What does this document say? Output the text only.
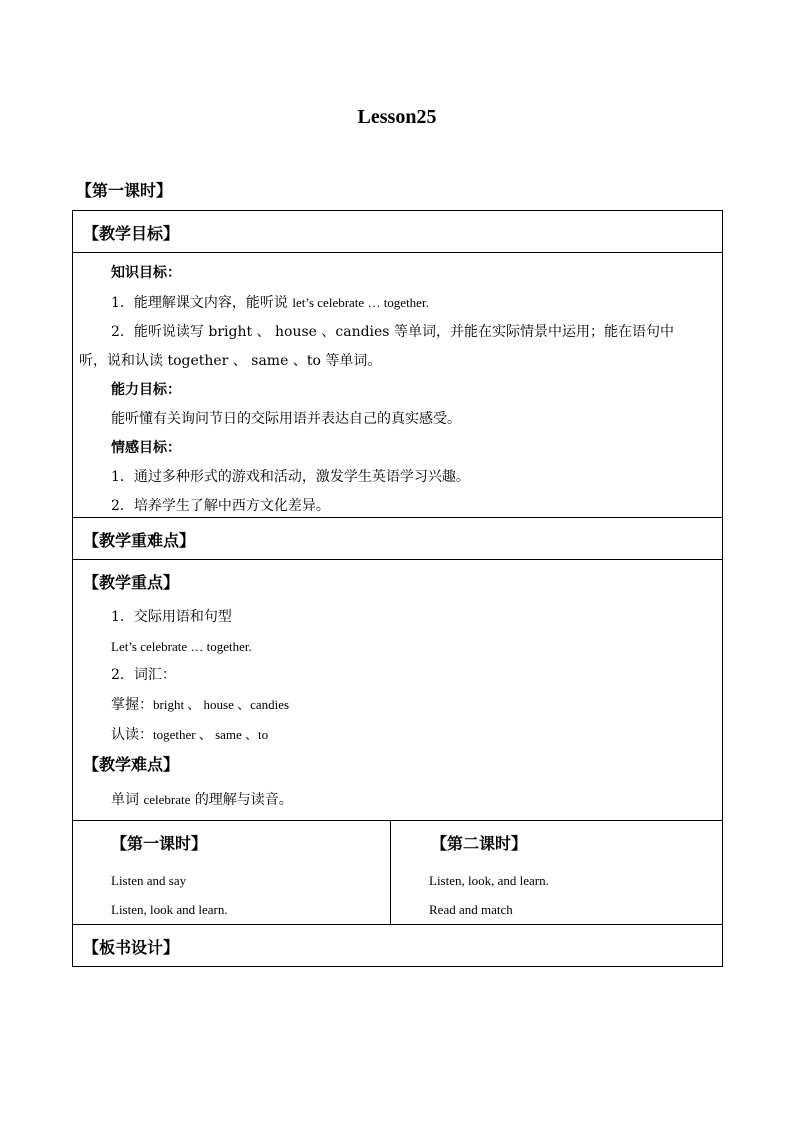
Lesson25
【第一课时】
【教学目标】

知识目标：
1．能理解课文内容，能听说 let’s celebrate … together.
2．能听说读写 bright 、 house 、candies 等单词，并能在实际情景中运用；能在语句中
听，说和认读 together 、 same 、to 等单词。
能力目标：
能听懂有关询问节日的交际用语并表达自己的真实感受。
情感目标：
1．通过多种形式的游戏和活动，激发学生英语学习兴趣。
2．培养学生了解中西方文化差异。

【教学重难点】

【教学重点】
1．交际用语和句型
Let’s celebrate … together.
2．词汇：
掌握：bright 、 house 、candies
认读：together 、 same 、to
【教学难点】
单词 celebrate 的理解与读音。

【第一课时】
Listen and say
Listen, look and learn.

【第二课时】
Listen, look, and learn.
Read and match

【板书设计】
